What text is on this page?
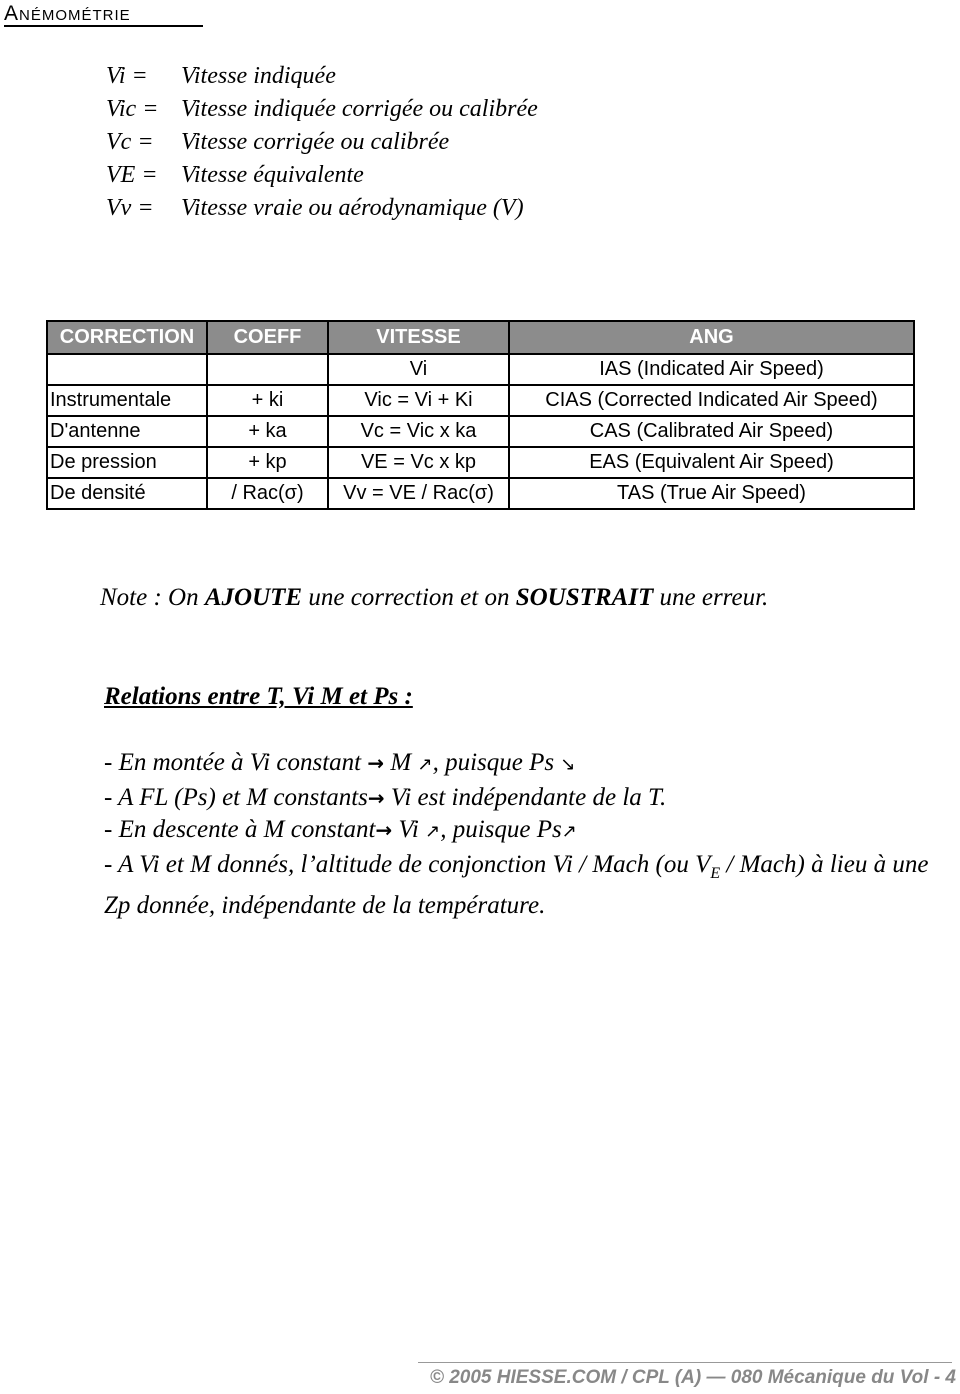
Anémométrie
Vi =	Vitesse indiquée
Vic = Vitesse indiquée corrigée ou calibrée
Vc =	Vitesse corrigée ou calibrée
VE = Vitesse équivalente
Vv =	Vitesse vraie ou aérodynamique (V)
CORRECTION	COEFF	VITESSE	ANG
		Vi	IAS (Indicated Air Speed)
Instrumentale	+ ki	Vic = Vi + Ki	CIAS (Corrected Indicated Air Speed)
D'antenne	+ ka	Vc = Vic x ka	CAS (Calibrated Air Speed)
De pression	+ kp	VE = Vc x kp	EAS (Equivalent Air Speed)
De densité	/ Rac(σ)	Vv = VE / Rac(σ)	TAS (True Air Speed)
Note : On AJOUTE une correction et on SOUSTRAIT une erreur.
Relations entre T, Vi M et Ps :
- En montée à Vi constant → M ↗, puisque Ps ↘
- A FL (Ps) et M constants→ Vi est indépendante de la T.
- En descente à M constant→ Vi ↗, puisque Ps↗
- A Vi et M donnés, l’altitude de conjonction Vi / Mach (ou $V_E$ / Mach) à lieu à une Zp donnée, indépendante de la température.
© 2005 HIESSE.COM / CPL (A) — 080 Mécanique du Vol - 4
